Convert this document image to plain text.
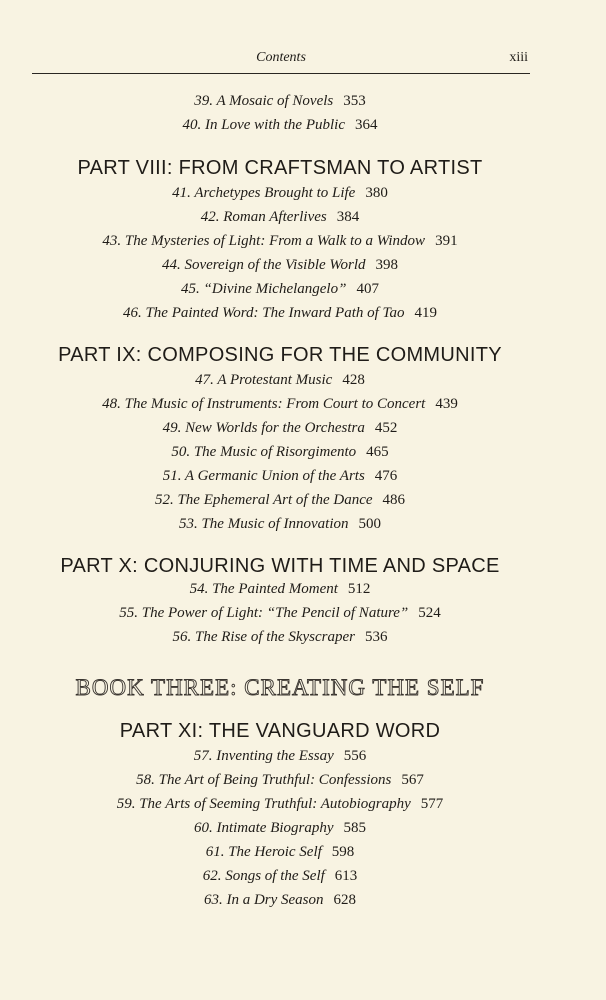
Contents	xiii
39. A Mosaic of Novels 353
40. In Love with the Public 364
PART VIII: FROM CRAFTSMAN TO ARTIST
41. Archetypes Brought to Life 380
42. Roman Afterlives 384
43. The Mysteries of Light: From a Walk to a Window 391
44. Sovereign of the Visible World 398
45. “Divine Michelangelo” 407
46. The Painted Word: The Inward Path of Tao 419
PART IX: COMPOSING FOR THE COMMUNITY
47. A Protestant Music 428
48. The Music of Instruments: From Court to Concert 439
49. New Worlds for the Orchestra 452
50. The Music of Risorgimento 465
51. A Germanic Union of the Arts 476
52. The Ephemeral Art of the Dance 486
53. The Music of Innovation 500
PART X: CONJURING WITH TIME AND SPACE
54. The Painted Moment 512
55. The Power of Light: “The Pencil of Nature” 524
56. The Rise of the Skyscraper 536
BOOK THREE: CREATING THE SELF
PART XI: THE VANGUARD WORD
57. Inventing the Essay 556
58. The Art of Being Truthful: Confessions 567
59. The Arts of Seeming Truthful: Autobiography 577
60. Intimate Biography 585
61. The Heroic Self 598
62. Songs of the Self 613
63. In a Dry Season 628
